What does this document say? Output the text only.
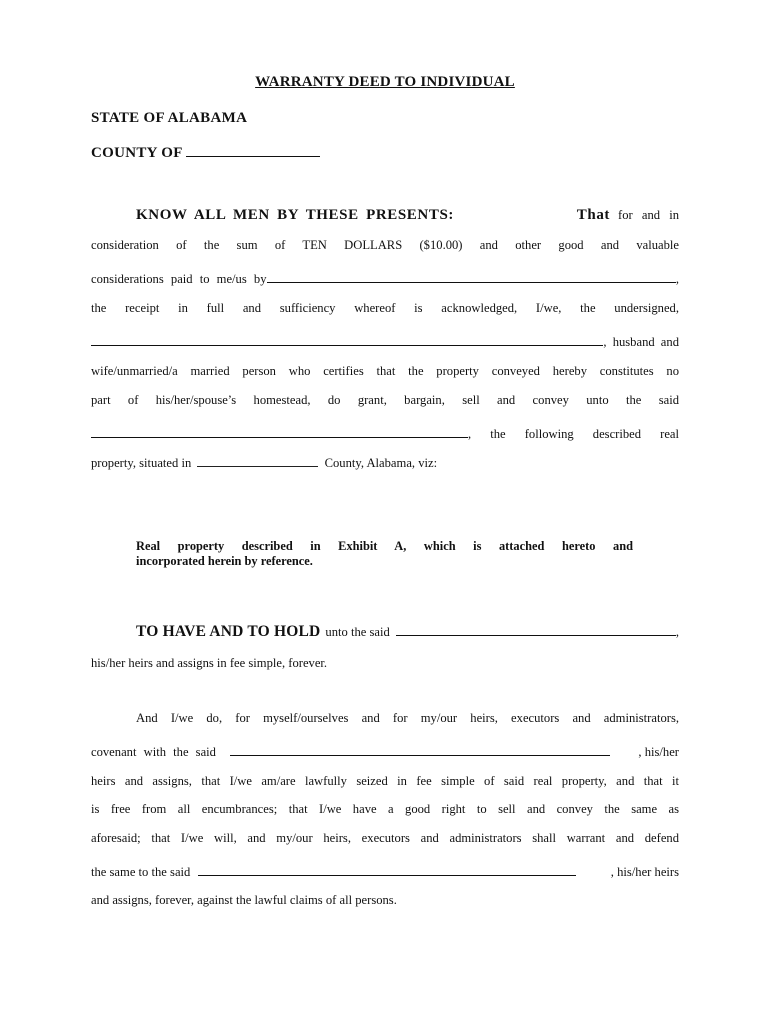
WARRANTY DEED TO INDIVIDUAL
STATE OF ALABAMA
COUNTY OF
KNOW ALL MEN BY THESE PRESENTS:	That for and in
consideration of the sum of TEN DOLLARS ($10.00) and other good and valuable
considerations paid to me/us by	,
the receipt in full and sufficiency whereof is acknowledged, I/we, the undersigned,
, husband and
wife/unmarried/a married person who certifies that the property conveyed hereby constitutes no
part of his/her/spouse’s homestead, do grant, bargain, sell and convey unto the said
, the following described real
property, situated in	County, Alabama, viz:
Real property described in Exhibit A, which is attached hereto and
incorporated herein by reference.
TO HAVE AND TO HOLD unto the said	,
his/her heirs and assigns in fee simple, forever.
And I/we do, for myself/ourselves and for my/our heirs, executors and administrators,
covenant with the said	, his/her
heirs and assigns, that I/we am/are lawfully seized in fee simple of said real property, and that it
is free from all encumbrances; that I/we have a good right to sell and convey the same as
aforesaid; that I/we will, and my/our heirs, executors and administrators shall warrant and defend
the same to the said	, his/her heirs
and assigns, forever, against the lawful claims of all persons.
